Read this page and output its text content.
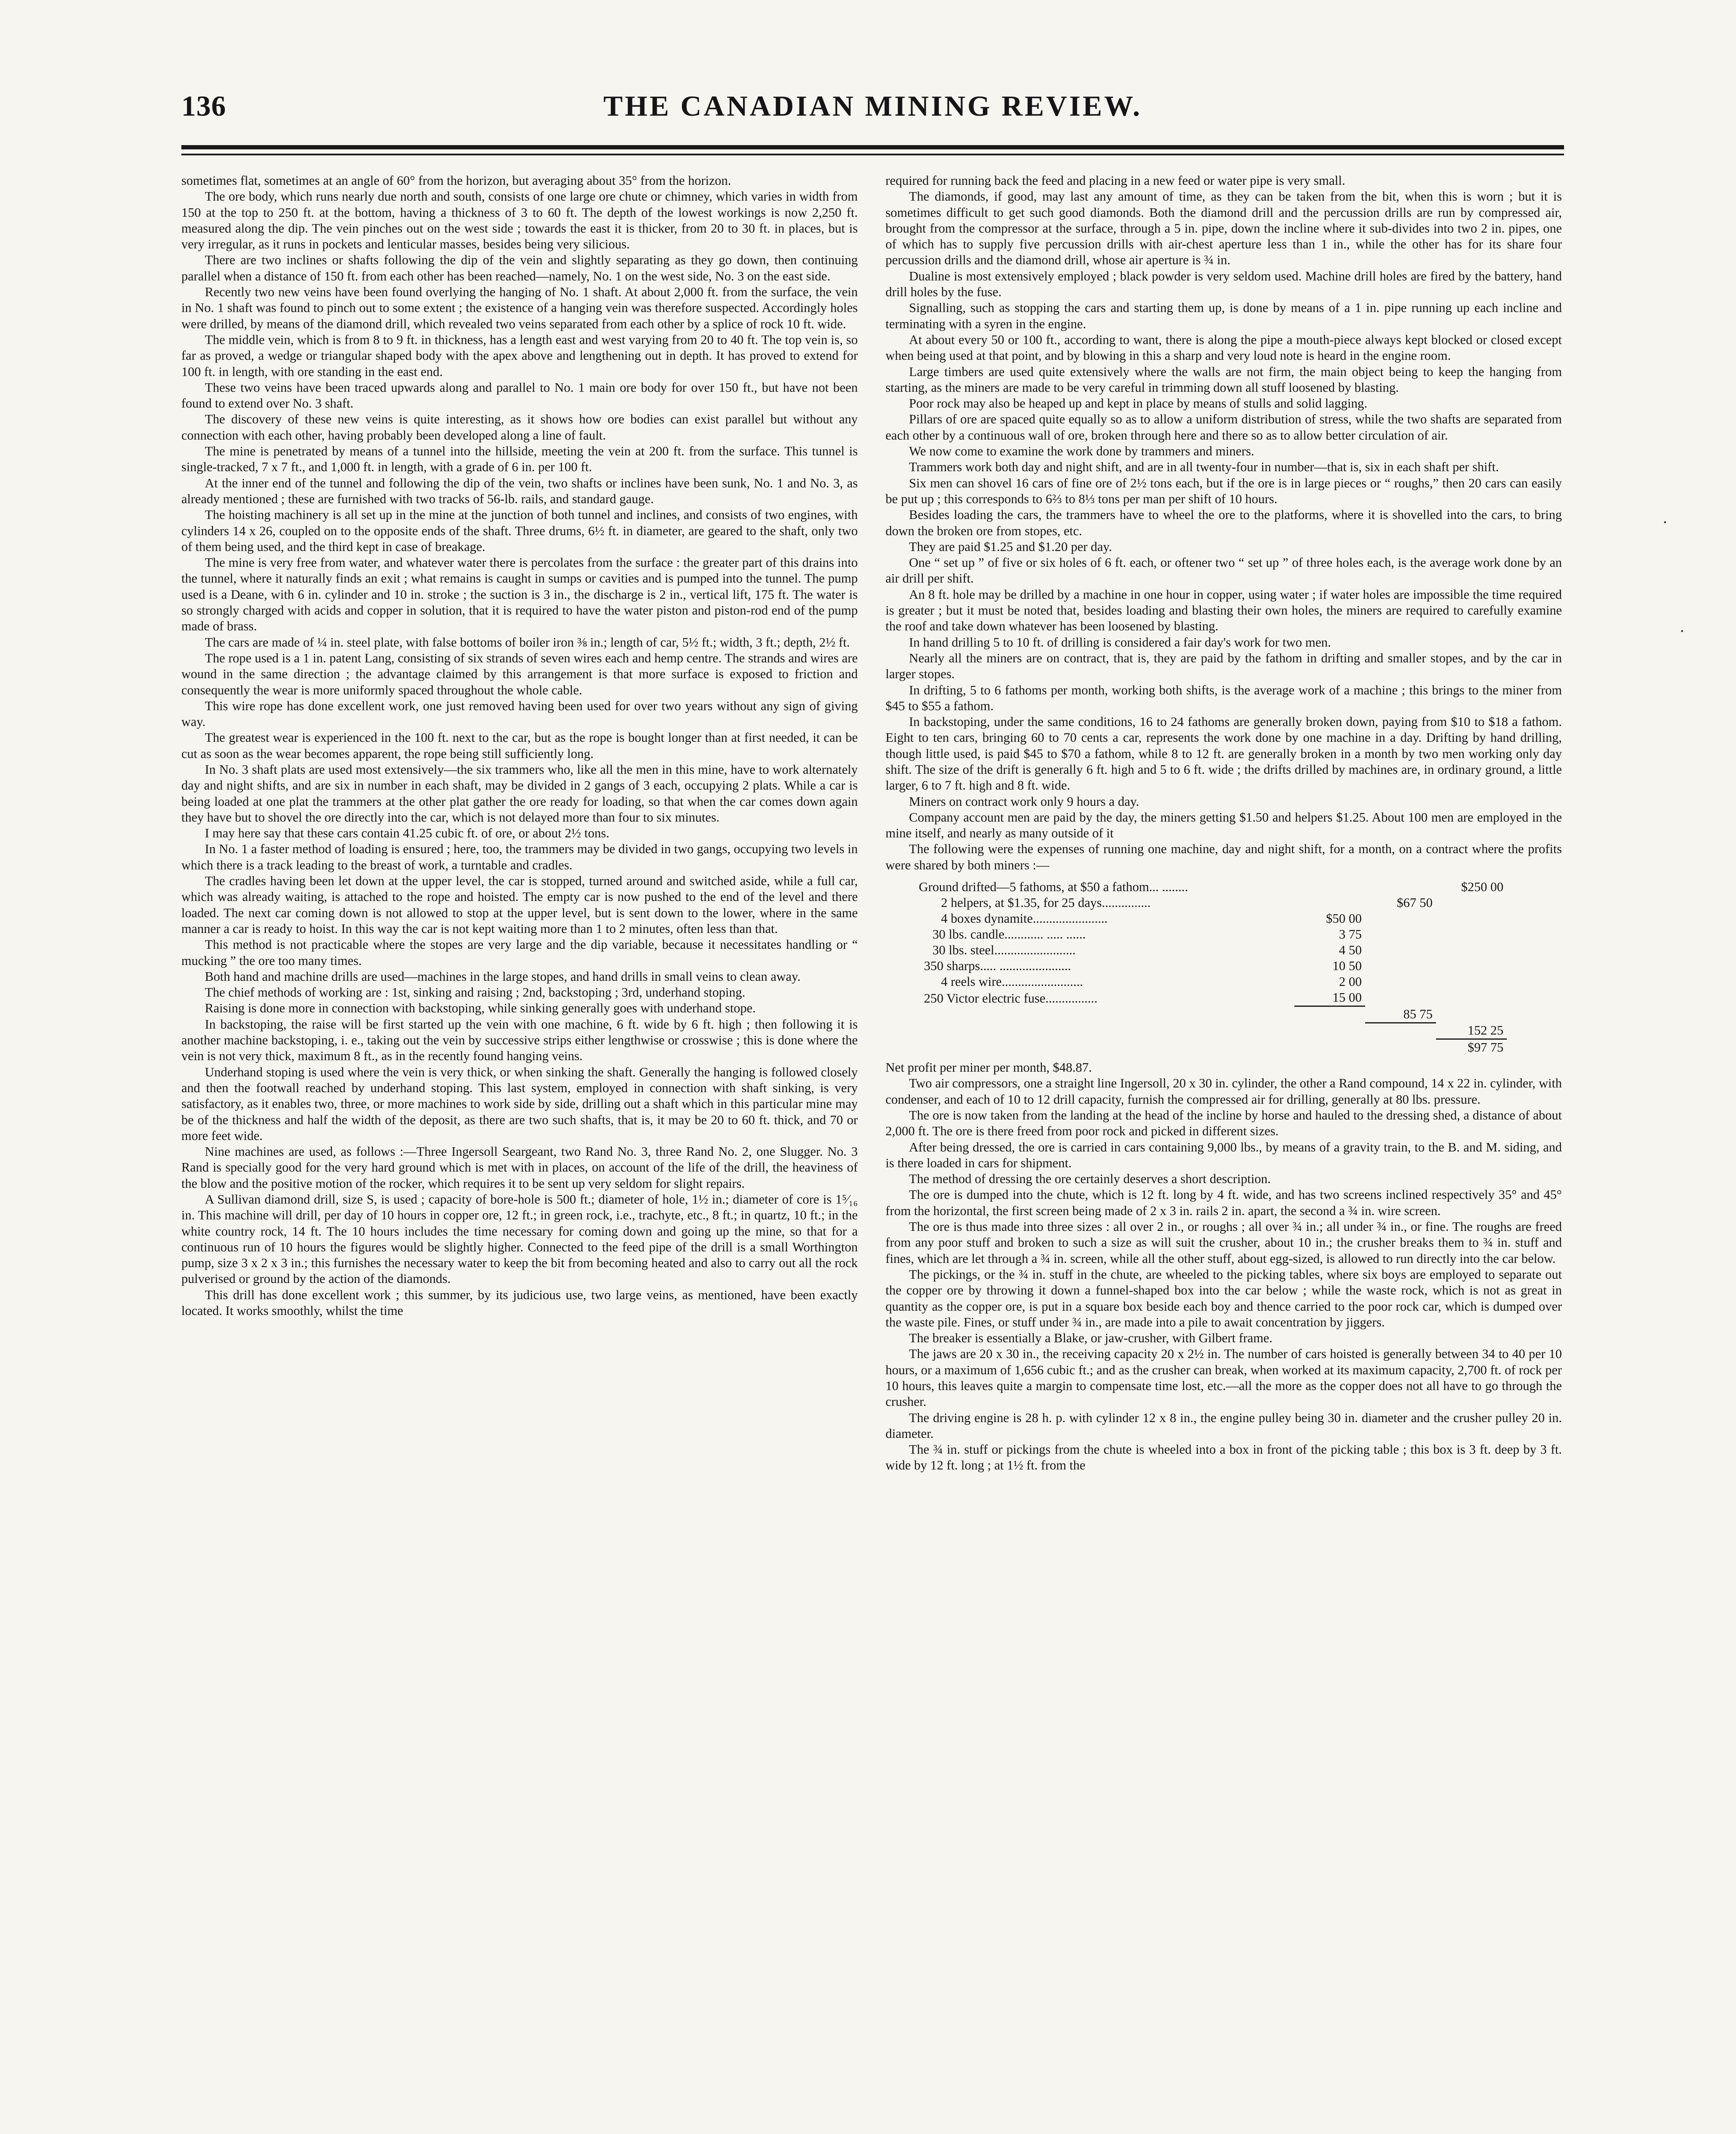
136	THE CANADIAN MINING REVIEW.

sometimes flat, sometimes at an angle of 60° from the horizon, but averaging about 35° from the horizon.

The ore body, which runs nearly due north and south, consists of one large ore chute or chimney, which varies in width from 150 at the top to 250 ft. at the bottom, having a thickness of 3 to 60 ft. The depth of the lowest workings is now 2,250 ft. measured along the dip. The vein pinches out on the west side ; towards the east it is thicker, from 20 to 30 ft. in places, but is very irregular, as it runs in pockets and lenticular masses, besides being very silicious.

There are two inclines or shafts following the dip of the vein and slightly separating as they go down, then continuing parallel when a distance of 150 ft. from each other has been reached—namely, No. 1 on the west side, No. 3 on the east side.

Recently two new veins have been found overlying the hanging of No. 1 shaft. At about 2,000 ft. from the surface, the vein in No. 1 shaft was found to pinch out to some extent ; the existence of a hanging vein was therefore suspected. Accordingly holes were drilled, by means of the diamond drill, which revealed two veins separated from each other by a splice of rock 10 ft. wide.

The middle vein, which is from 8 to 9 ft. in thickness, has a length east and west varying from 20 to 40 ft. The top vein is, so far as proved, a wedge or triangular shaped body with the apex above and lengthening out in depth. It has proved to extend for 100 ft. in length, with ore standing in the east end.

These two veins have been traced upwards along and parallel to No. 1 main ore body for over 150 ft., but have not been found to extend over No. 3 shaft.

The discovery of these new veins is quite interesting, as it shows how ore bodies can exist parallel but without any connection with each other, having probably been developed along a line of fault.

The mine is penetrated by means of a tunnel into the hillside, meeting the vein at 200 ft. from the surface. This tunnel is single-tracked, 7 x 7 ft., and 1,000 ft. in length, with a grade of 6 in. per 100 ft.

At the inner end of the tunnel and following the dip of the vein, two shafts or inclines have been sunk, No. 1 and No. 3, as already mentioned ; these are furnished with two tracks of 56-lb. rails, and standard gauge.

The hoisting machinery is all set up in the mine at the junction of both tunnel and inclines, and consists of two engines, with cylinders 14 x 26, coupled on to the opposite ends of the shaft. Three drums, 6½ ft. in diameter, are geared to the shaft, only two of them being used, and the third kept in case of breakage.

The mine is very free from water, and whatever water there is percolates from the surface : the greater part of this drains into the tunnel, where it naturally finds an exit ; what remains is caught in sumps or cavities and is pumped into the tunnel. The pump used is a Deane, with 6 in. cylinder and 10 in. stroke ; the suction is 3 in., the discharge is 2 in., vertical lift, 175 ft. The water is so strongly charged with acids and copper in solution, that it is required to have the water piston and piston-rod end of the pump made of brass.

The cars are made of ¼ in. steel plate, with false bottoms of boiler iron ⅜ in.; length of car, 5½ ft.; width, 3 ft.; depth, 2½ ft.

The rope used is a 1 in. patent Lang, consisting of six strands of seven wires each and hemp centre. The strands and wires are wound in the same direction ; the advantage claimed by this arrangement is that more surface is exposed to friction and consequently the wear is more uniformly spaced throughout the whole cable.

This wire rope has done excellent work, one just removed having been used for over two years without any sign of giving way.

The greatest wear is experienced in the 100 ft. next to the car, but as the rope is bought longer than at first needed, it can be cut as soon as the wear becomes apparent, the rope being still sufficiently long.

In No. 3 shaft plats are used most extensively—the six trammers who, like all the men in this mine, have to work alternately day and night shifts, and are six in number in each shaft, may be divided in 2 gangs of 3 each, occupying 2 plats. While a car is being loaded at one plat the trammers at the other plat gather the ore ready for loading, so that when the car comes down again they have but to shovel the ore directly into the car, which is not delayed more than four to six minutes.

I may here say that these cars contain 41.25 cubic ft. of ore, or about 2½ tons.

In No. 1 a faster method of loading is ensured ; here, too, the trammers may be divided in two gangs, occupying two levels in which there is a track leading to the breast of work, a turntable and cradles.

The cradles having been let down at the upper level, the car is stopped, turned around and switched aside, while a full car, which was already waiting, is attached to the rope and hoisted. The empty car is now pushed to the end of the level and there loaded. The next car coming down is not allowed to stop at the upper level, but is sent down to the lower, where in the same manner a car is ready to hoist. In this way the car is not kept waiting more than 1 to 2 minutes, often less than that.

This method is not practicable where the stopes are very large and the dip variable, because it necessitates handling or “ mucking ” the ore too many times.

Both hand and machine drills are used—machines in the large stopes, and hand drills in small veins to clean away.

The chief methods of working are : 1st, sinking and raising ; 2nd, backstoping ; 3rd, underhand stoping.

Raising is done more in connection with backstoping, while sinking generally goes with underhand stope.

In backstoping, the raise will be first started up the vein with one machine, 6 ft. wide by 6 ft. high ; then following it is another machine backstoping, i. e., taking out the vein by successive strips either lengthwise or crosswise ; this is done where the vein is not very thick, maximum 8 ft., as in the recently found hanging veins.

Underhand stoping is used where the vein is very thick, or when sinking the shaft. Generally the hanging is followed closely and then the footwall reached by underhand stoping. This last system, employed in connection with shaft sinking, is very satisfactory, as it enables two, three, or more machines to work side by side, drilling out a shaft which in this particular mine may be of the thickness and half the width of the deposit, as there are two such shafts, that is, it may be 20 to 60 ft. thick, and 70 or more feet wide.

Nine machines are used, as follows :—Three Ingersoll Seargeant, two Rand No. 3, three Rand No. 2, one Slugger. No. 3 Rand is specially good for the very hard ground which is met with in places, on account of the life of the drill, the heaviness of the blow and the positive motion of the rocker, which requires it to be sent up very seldom for slight repairs.

A Sullivan diamond drill, size S, is used ; capacity of bore-hole is 500 ft.; diameter of hole, 1½ in.; diameter of core is 1⁵⁄₁₆ in. This machine will drill, per day of 10 hours in copper ore, 12 ft.; in green rock, i.e., trachyte, etc., 8 ft.; in quartz, 10 ft.; in the white country rock, 14 ft. The 10 hours includes the time necessary for coming down and going up the mine, so that for a continuous run of 10 hours the figures would be slightly higher. Connected to the feed pipe of the drill is a small Worthington pump, size 3 x 2 x 3 in.; this furnishes the necessary water to keep the bit from becoming heated and also to carry out all the rock pulverised or ground by the action of the diamonds.

This drill has done excellent work ; this summer, by its judicious use, two large veins, as mentioned, have been exactly located. It works smoothly, whilst the time

required for running back the feed and placing in a new feed or water pipe is very small.

The diamonds, if good, may last any amount of time, as they can be taken from the bit, when this is worn ; but it is sometimes difficult to get such good diamonds. Both the diamond drill and the percussion drills are run by compressed air, brought from the compressor at the surface, through a 5 in. pipe, down the incline where it sub-divides into two 2 in. pipes, one of which has to supply five percussion drills with air-chest aperture less than 1 in., while the other has for its share four percussion drills and the diamond drill, whose air aperture is ¾ in.

Dualine is most extensively employed ; black powder is very seldom used. Machine drill holes are fired by the battery, hand drill holes by the fuse.

Signalling, such as stopping the cars and starting them up, is done by means of a 1 in. pipe running up each incline and terminating with a syren in the engine.

At about every 50 or 100 ft., according to want, there is along the pipe a mouth-piece always kept blocked or closed except when being used at that point, and by blowing in this a sharp and very loud note is heard in the engine room.

Large timbers are used quite extensively where the walls are not firm, the main object being to keep the hanging from starting, as the miners are made to be very careful in trimming down all stuff loosened by blasting.

Poor rock may also be heaped up and kept in place by means of stulls and solid lagging.

Pillars of ore are spaced quite equally so as to allow a uniform distribution of stress, while the two shafts are separated from each other by a continuous wall of ore, broken through here and there so as to allow better circulation of air.

We now come to examine the work done by trammers and miners.

Trammers work both day and night shift, and are in all twenty-four in number—that is, six in each shaft per shift.

Six men can shovel 16 cars of fine ore of 2½ tons each, but if the ore is in large pieces or “ roughs,” then 20 cars can easily be put up ; this corresponds to 6⅔ to 8⅓ tons per man per shift of 10 hours.

Besides loading the cars, the trammers have to wheel the ore to the platforms, where it is shovelled into the cars, to bring down the broken ore from stopes, etc.

They are paid $1.25 and $1.20 per day.

One “ set up ” of five or six holes of 6 ft. each, or oftener two “ set up ” of three holes each, is the average work done by an air drill per shift.

An 8 ft. hole may be drilled by a machine in one hour in copper, using water ; if water holes are impossible the time required is greater ; but it must be noted that, besides loading and blasting their own holes, the miners are required to carefully examine the roof and take down whatever has been loosened by blasting.

In hand drilling 5 to 10 ft. of drilling is considered a fair day's work for two men.

Nearly all the miners are on contract, that is, they are paid by the fathom in drifting and smaller stopes, and by the car in larger stopes.

In drifting, 5 to 6 fathoms per month, working both shifts, is the average work of a machine ; this brings to the miner from $45 to $55 a fathom.

In backstoping, under the same conditions, 16 to 24 fathoms are generally broken down, paying from $10 to $18 a fathom. Eight to ten cars, bringing 60 to 70 cents a car, represents the work done by one machine in a day. Drifting by hand drilling, though little used, is paid $45 to $70 a fathom, while 8 to 12 ft. are generally broken in a month by two men working only day shift. The size of the drift is generally 6 ft. high and 5 to 6 ft. wide ; the drifts drilled by machines are, in ordinary ground, a little larger, 6 to 7 ft. high and 8 ft. wide.

Miners on contract work only 9 hours a day.

Company account men are paid by the day, the miners getting $1.50 and helpers $1.25. About 100 men are employed in the mine itself, and nearly as many outside of it

The following were the expenses of running one machine, day and night shift, for a month, on a contract where the profits were shared by both miners :—

Ground drifted—5 fathoms, at $50 a fathom... ........			$250 00
2 helpers, at $1.35, for 25 days...............		$67 50	
4 boxes dynamite.......................	$50 00		
30 lbs. candle............ ..... ......	3 75		
30 lbs. steel.........................	4 50		
350 sharps..... ......................	10 50		
4 reels wire.........................	2 00		
250 Victor electric fuse................	15 00		
		85 75	
			152 25
			$97 75

Net profit per miner per month, $48.87.

Two air compressors, one a straight line Ingersoll, 20 x 30 in. cylinder, the other a Rand compound, 14 x 22 in. cylinder, with condenser, and each of 10 to 12 drill capacity, furnish the compressed air for drilling, generally at 80 lbs. pressure.

The ore is now taken from the landing at the head of the incline by horse and hauled to the dressing shed, a distance of about 2,000 ft. The ore is there freed from poor rock and picked in different sizes.

After being dressed, the ore is carried in cars containing 9,000 lbs., by means of a gravity train, to the B. and M. siding, and is there loaded in cars for shipment.

The method of dressing the ore certainly deserves a short description.

The ore is dumped into the chute, which is 12 ft. long by 4 ft. wide, and has two screens inclined respectively 35° and 45° from the horizontal, the first screen being made of 2 x 3 in. rails 2 in. apart, the second a ¾ in. wire screen.

The ore is thus made into three sizes : all over 2 in., or roughs ; all over ¾ in.; all under ¾ in., or fine. The roughs are freed from any poor stuff and broken to such a size as will suit the crusher, about 10 in.; the crusher breaks them to ¾ in. stuff and fines, which are let through a ¾ in. screen, while all the other stuff, about egg-sized, is allowed to run directly into the car below.

The pickings, or the ¾ in. stuff in the chute, are wheeled to the picking tables, where six boys are employed to separate out the copper ore by throwing it down a funnel-shaped box into the car below ; while the waste rock, which is not as great in quantity as the copper ore, is put in a square box beside each boy and thence carried to the poor rock car, which is dumped over the waste pile. Fines, or stuff under ¾ in., are made into a pile to await concentration by jiggers.

The breaker is essentially a Blake, or jaw-crusher, with Gilbert frame.

The jaws are 20 x 30 in., the receiving capacity 20 x 2½ in. The number of cars hoisted is generally between 34 to 40 per 10 hours, or a maximum of 1,656 cubic ft.; and as the crusher can break, when worked at its maximum capacity, 2,700 ft. of rock per 10 hours, this leaves quite a margin to compensate time lost, etc.—all the more as the copper does not all have to go through the crusher.

The driving engine is 28 h. p. with cylinder 12 x 8 in., the engine pulley being 30 in. diameter and the crusher pulley 20 in. diameter.

The ¾ in. stuff or pickings from the chute is wheeled into a box in front of the picking table ; this box is 3 ft. deep by 3 ft. wide by 12 ft. long ; at 1½ ft. from the

·
·
